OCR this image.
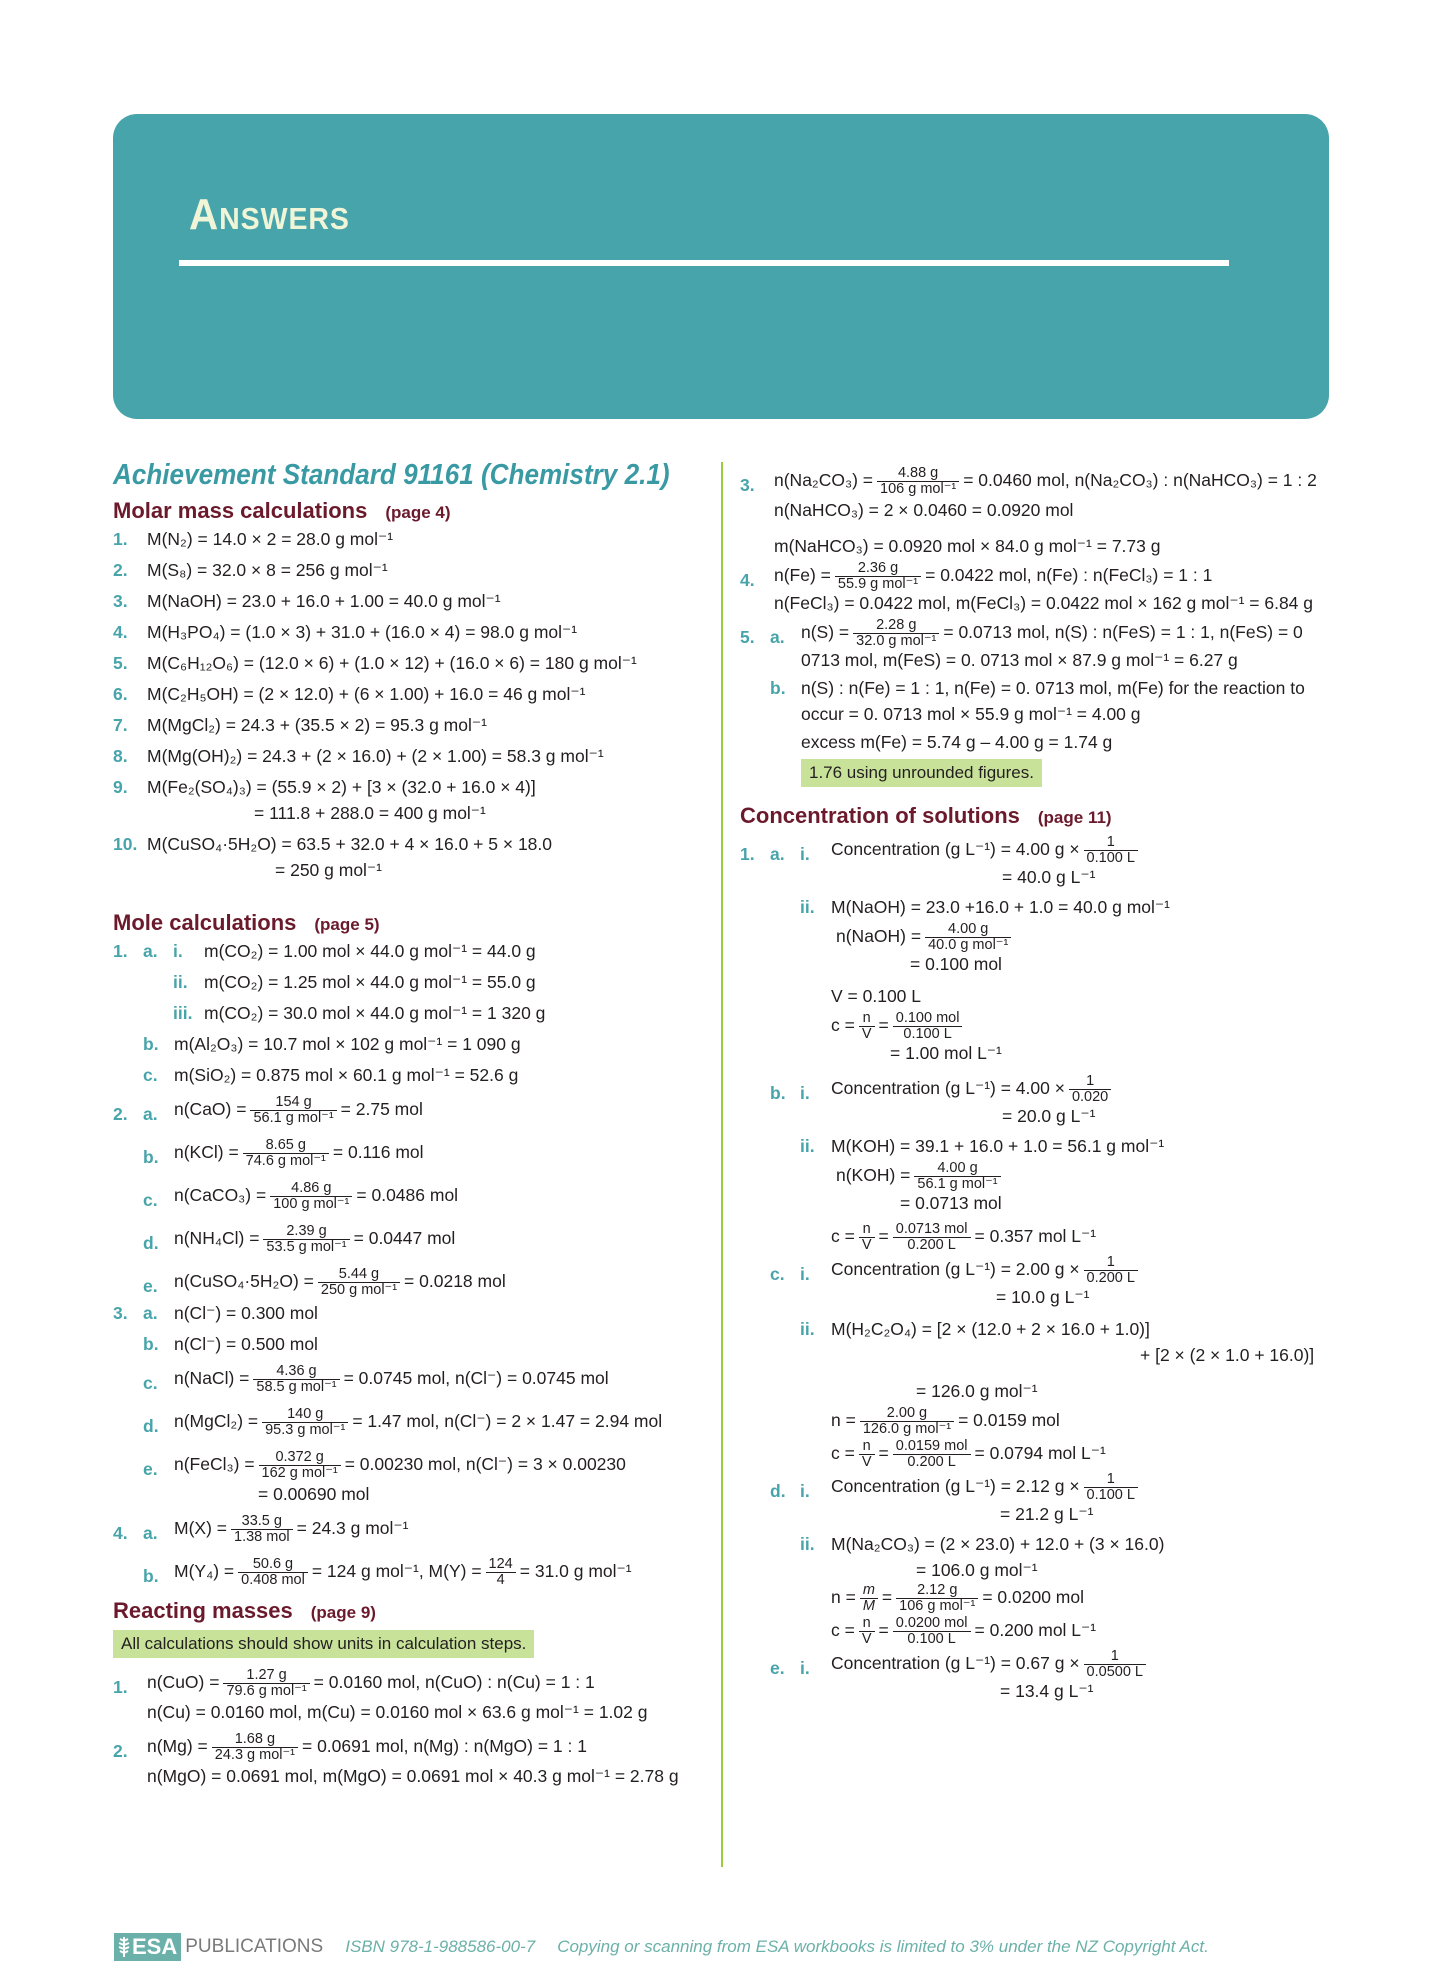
Answers
Achievement Standard 91161 (Chemistry 2.1)
Molar mass calculations (page 4)
1. M(N₂) = 14.0 × 2 = 28.0 g mol⁻¹
2. M(S₈) = 32.0 × 8 = 256 g mol⁻¹
3. M(NaOH) = 23.0 + 16.0 + 1.00 = 40.0 g mol⁻¹
4. M(H₃PO₄) = (1.0 × 3) + 31.0 + (16.0 × 4) = 98.0 g mol⁻¹
5. M(C₆H₁₂O₆) = (12.0 × 6) + (1.0 × 12) + (16.0 × 6) = 180 g mol⁻¹
6. M(C₂H₅OH) = (2 × 12.0) + (6 × 1.00) + 16.0 = 46 g mol⁻¹
7. M(MgCl₂) = 24.3 + (35.5 × 2) = 95.3 g mol⁻¹
8. M(Mg(OH)₂) = 24.3 + (2 × 16.0) + (2 × 1.00) = 58.3 g mol⁻¹
9. M(Fe₂(SO₄)₃) = (55.9 × 2) + [3 × (32.0 + 16.0 × 4)]
= 111.8 + 288.0 = 400 g mol⁻¹
10. M(CuSO₄·5H₂O) = 63.5 + 32.0 + 4 × 16.0 + 5 × 18.0
= 250 g mol⁻¹
Mole calculations (page 5)
1. a. i. m(CO₂) = 1.00 mol × 44.0 g mol⁻¹ = 44.0 g
ii. m(CO₂) = 1.25 mol × 44.0 g mol⁻¹ = 55.0 g
iii. m(CO₂) = 30.0 mol × 44.0 g mol⁻¹ = 1 320 g
b. m(Al₂O₃) = 10.7 mol × 102 g mol⁻¹ = 1 090 g
c. m(SiO₂) = 0.875 mol × 60.1 g mol⁻¹ = 52.6 g
2. a. n(CaO) =	154 g
56.1 g mol⁻¹ = 2.75 mol
b. n(KCl) =	8.65 g
74.6 g mol⁻¹ = 0.116 mol
c. n(CaCO₃) =	4.86 g
100 g mol⁻¹ = 0.0486 mol
d. n(NH₄Cl) =	2.39 g
53.5 g mol⁻¹ = 0.0447 mol
e. n(CuSO₄·5H₂O) =	5.44 g
250 g mol⁻¹ = 0.0218 mol
3. a. n(Cl⁻) = 0.300 mol
b. n(Cl⁻) = 0.500 mol
c. n(NaCl) =	4.36 g
58.5 g mol⁻¹ = 0.0745 mol, n(Cl⁻) = 0.0745 mol
d. n(MgCl₂) =	140 g
95.3 g mol⁻¹ = 1.47 mol, n(Cl⁻) = 2 × 1.47 = 2.94 mol
e. n(FeCl₃) =	0.372 g
162 g mol⁻¹ = 0.00230 mol, n(Cl⁻) = 3 × 0.00230
= 0.00690 mol
4. a. M(X) =	33.5 g
1.38 mol = 24.3 g mol⁻¹
b. M(Y₄) =	50.6 g
0.408 mol = 124 g mol⁻¹, $M(Y) = \frac{124}{4} = 31.0$ g mol⁻¹
Reacting masses (page 9)
All calculations should show units in calculation steps.
1. n(CuO) =	1.27 g
79.6 g mol⁻¹ = 0.0160 mol, n(CuO) : n(Cu) = 1 : 1
n(Cu) = 0.0160 mol, m(Cu) = 0.0160 mol × 63.6 g mol⁻¹ = 1.02 g
2. n(Mg) =	1.68 g
24.3 g mol⁻¹ = 0.0691 mol, n(Mg) : n(MgO) = 1 : 1
n(MgO) = 0.0691 mol, m(MgO) = 0.0691 mol × 40.3 g mol⁻¹ = 2.78 g
3. n(Na₂CO₃) =	4.88 g
106 g mol⁻¹ = 0.0460 mol, n(Na₂CO₃) : n(NaHCO₃) = 1 : 2
n(NaHCO₃) = 2 × 0.0460 = 0.0920 mol
m(NaHCO₃) = 0.0920 mol × 84.0 g mol⁻¹ = 7.73 g
4. n(Fe) =	2.36 g
55.9 g mol⁻¹ = 0.0422 mol, n(Fe) : n(FeCl₃) = 1 : 1
n(FeCl₃) = 0.0422 mol, m(FeCl₃) = 0.0422 mol × 162 g mol⁻¹ = 6.84 g
5. a. n(S) =	2.28 g
32.0 g mol⁻¹ = 0.0713 mol, n(S) : n(FeS) = 1 : 1, n(FeS) = 0
0713 mol, m(FeS) = 0. 0713 mol × 87.9 g mol⁻¹ = 6.27 g
b. n(S) : n(Fe) = 1 : 1, n(Fe) = 0. 0713 mol, m(Fe) for the reaction to
occur = 0. 0713 mol × 55.9 g mol⁻¹ = 4.00 g
excess m(Fe) = 5.74 g – 4.00 g = 1.74 g
1.76 using unrounded figures.
Concentration of solutions (page 11)
1. a. i. Concentration (g L⁻¹) = 4.00 $g \times \frac{1}{0.100 L}$
= 40.0 g L⁻¹
ii. M(NaOH) = 23.0 +16.0 + 1.0 = 40.0 g mol⁻¹
n(NaOH) =	4.00 g
40.0 g mol⁻¹
= 0.100 mol
V = 0.100 L
$c = \frac{n}{V} = 0.100$ mol
0.100 L
= 1.00 mol L⁻¹
b. i. Concentration (g $L^{-1}) = 4.00 \times \frac{1}{0.020}$
= 20.0 g L⁻¹
ii. M(KOH) = 39.1 + 16.0 + 1.0 = 56.1 g mol⁻¹
n(KOH) =	4.00 g
56.1 g mol⁻¹
= 0.0713 mol
$c = \frac{n}{V} = 0.0713$ mol
0.200 L	= 0.357 mol L⁻¹
c. i. Concentration (g L⁻¹) = 2.00 $g \times \frac{1}{0.200 L}$
= 10.0 g L⁻¹
ii. M(H₂C₂O₄) = [2 × (12.0 + 2 × 16.0 + 1.0)]
+ [2 × (2 × 1.0 + 16.0)]
= 126.0 g mol⁻¹
n =	2.00 g
126.0 g mol⁻¹ = 0.0159 mol
$c = \frac{n}{V} = 0.0159$ mol
0.200 L	= 0.0794 mol L⁻¹
d. i. Concentration (g L⁻¹) = 2.12 $g \times \frac{1}{0.100 L}$
= 21.2 g L⁻¹
ii. M(Na₂CO₃) = (2 × 23.0) + 12.0 + (3 × 16.0)
= 106.0 g mol⁻¹
$n = \frac{m}{M}$ =	2.12 g
106 g mol⁻¹ = 0.0200 mol
$c = \frac{n}{V} = 0.0200$ mol
0.100 L	= 0.200 mol L⁻¹
e. i. Concentration (g L⁻¹) = 0.67 $g \times \frac{1}{0.0500 L}$
= 13.4 g L⁻¹
ESA PUBLICATIONS ISBN 978-1-988586-00-7 Copying or scanning from ESA workbooks is limited to 3% under the NZ Copyright Act.
